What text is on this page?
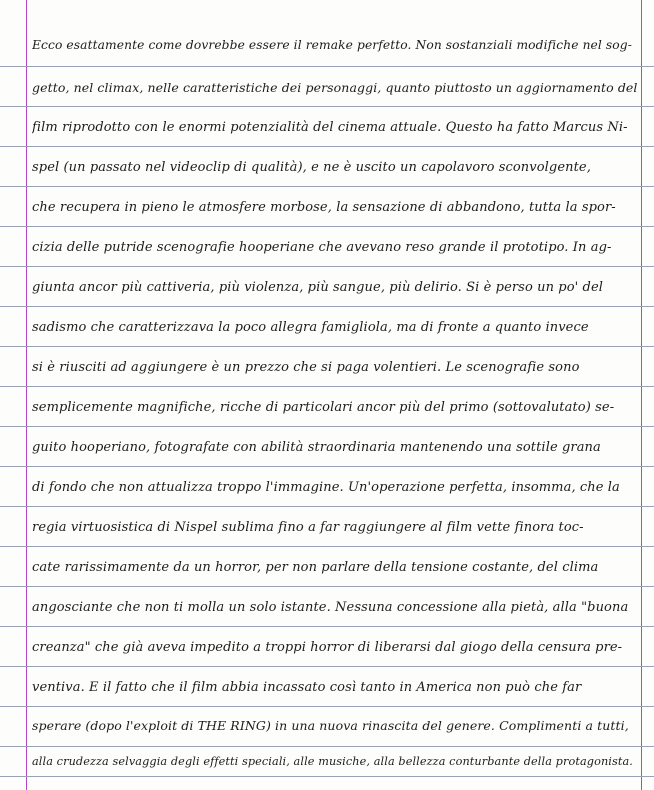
Ecco esattamente come dovrebbe essere il remake perfetto. Non sostanziali modifiche nel sog-
getto, nel climax, nelle caratteristiche dei personaggi, quanto piuttosto un aggiornamento del
film riprodotto con le enormi potenzialità del cinema attuale. Questo ha fatto Marcus Ni-
spel (un passato nel videoclip di qualità), e ne è uscito un capolavoro sconvolgente,
che recupera in pieno le atmosfere morbose, la sensazione di abbandono, tutta la spor-
cizia delle putride scenografie hooperiane che avevano reso grande il prototipo. In ag-
giunta ancor più cattiveria, più violenza, più sangue, più delirio. Si è perso un po' del
sadismo che caratterizzava la poco allegra famigliola, ma di fronte a quanto invece
si è riusciti ad aggiungere è un prezzo che si paga volentieri. Le scenografie sono
semplicemente magnifiche, ricche di particolari ancor più del primo (sottovalutato) se-
guito hooperiano, fotografate con abilità straordinaria mantenendo una sottile grana
di fondo che non attualizza troppo l'immagine. Un'operazione perfetta, insomma, che la
regia virtuosistica di Nispel sublima fino a far raggiungere al film vette finora toc-
cate rarissimamente da un horror, per non parlare della tensione costante, del clima
angosciante che non ti molla un solo istante. Nessuna concessione alla pietà, alla "buona
creanza" che già aveva impedito a troppi horror di liberarsi dal giogo della censura pre-
ventiva. E il fatto che il film abbia incassato così tanto in America non può che far
sperare (dopo l'exploit di THE RING) in una nuova rinascita del genere. Complimenti a tutti,
alla crudezza selvaggia degli effetti speciali, alle musiche, alla bellezza conturbante della protagonista.
